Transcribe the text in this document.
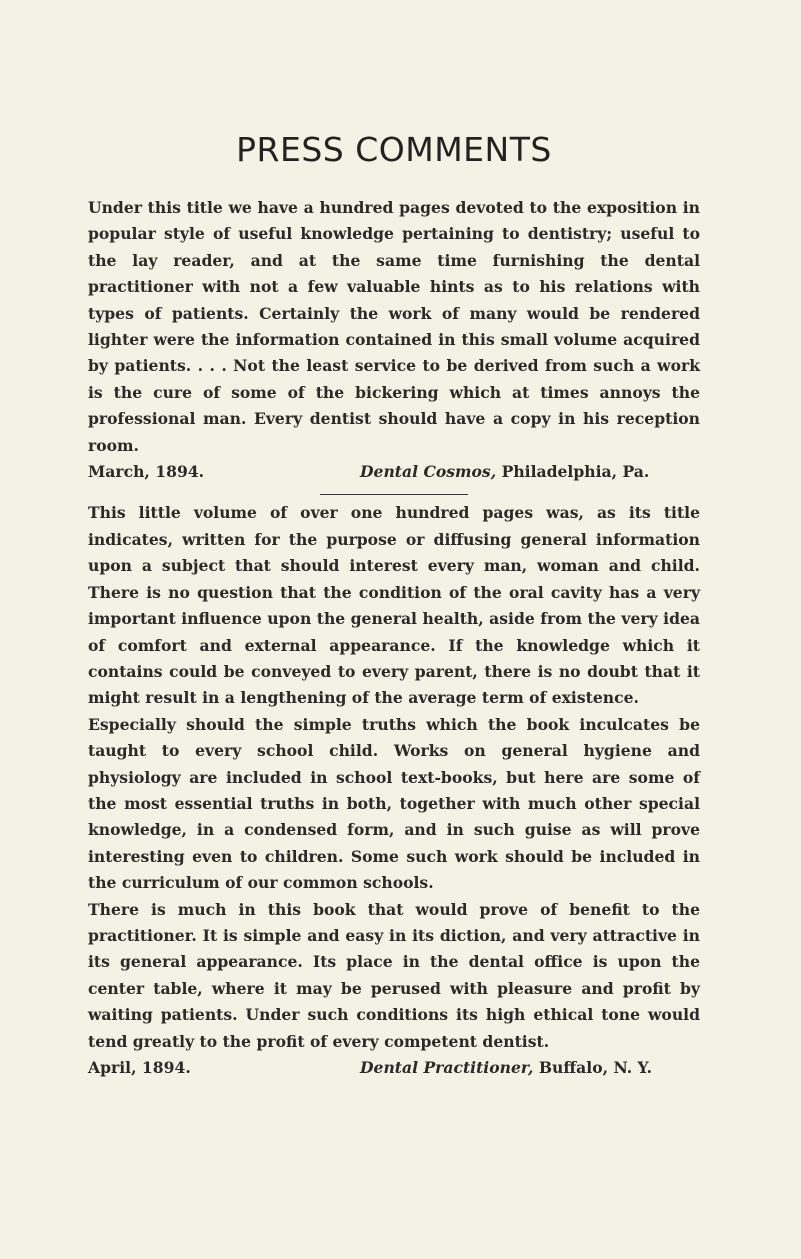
PRESS COMMENTS

Under this title we have a hundred pages devoted to the exposition in popular style of useful knowledge pertaining to dentistry; useful to the lay reader, and at the same time furnishing the dental practitioner with not a few valuable hints as to his relations with types of patients. Certainly the work of many would be rendered lighter were the information contained in this small volume acquired by patients. . . . Not the least service to be derived from such a work is the cure of some of the bickering which at times annoys the professional man. Every dentist should have a copy in his reception room.

March, 1894.	Dental Cosmos, Philadelphia, Pa.

This little volume of over one hundred pages was, as its title indicates, written for the purpose or diffusing general information upon a subject that should interest every man, woman and child. There is no question that the condition of the oral cavity has a very important influence upon the general health, aside from the very idea of comfort and external appearance. If the knowledge which it contains could be conveyed to every parent, there is no doubt that it might result in a lengthening of the average term of existence.

Especially should the simple truths which the book inculcates be taught to every school child. Works on general hygiene and physiology are included in school text-books, but here are some of the most essential truths in both, together with much other special knowledge, in a condensed form, and in such guise as will prove interesting even to children. Some such work should be included in the curriculum of our common schools.

There is much in this book that would prove of benefit to the practitioner. It is simple and easy in its diction, and very attractive in its general appearance. Its place in the dental office is upon the center table, where it may be perused with pleasure and profit by waiting patients. Under such conditions its high ethical tone would tend greatly to the profit of every competent dentist.

April, 1894.	Dental Practitioner, Buffalo, N. Y.
